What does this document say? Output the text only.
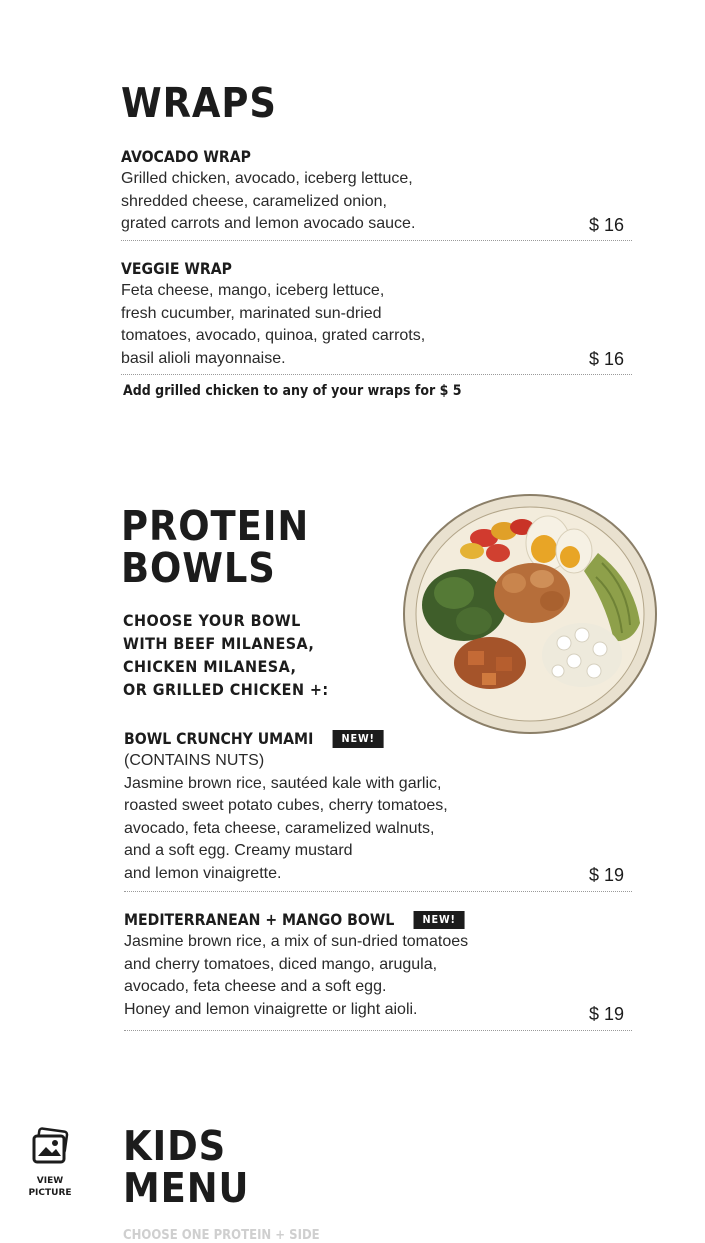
WRAPS
AVOCADO WRAP
Grilled chicken, avocado, iceberg lettuce,
shredded cheese, caramelized onion,
grated carrots and lemon avocado sauce.	$ 16
VEGGIE WRAP
Feta cheese, mango, iceberg lettuce,
fresh cucumber, marinated sun-dried
tomatoes, avocado, quinoa, grated carrots,
basil alioli mayonnaise.	$ 16
Add grilled chicken to any of your wraps for $ 5
PROTEIN
BOWLS
CHOOSE YOUR BOWL
WITH BEEF MILANESA,
CHICKEN MILANESA,
OR GRILLED CHICKEN +:
BOWL CRUNCHY UMAMI	NEW!
(CONTAINS NUTS)
Jasmine brown rice, sautéed kale with garlic,
roasted sweet potato cubes, cherry tomatoes,
avocado, feta cheese, caramelized walnuts,
and a soft egg. Creamy mustard
and lemon vinaigrette.	$ 19
MEDITERRANEAN + MANGO BOWL	NEW!
Jasmine brown rice, a mix of sun-dried tomatoes
and cherry tomatoes, diced mango, arugula,
avocado, feta cheese and a soft egg.
Honey and lemon vinaigrette or light aioli.	$ 19
VIEW
PICTURE
KIDS
MENU
CHOOSE ONE PROTEIN + SIDE
